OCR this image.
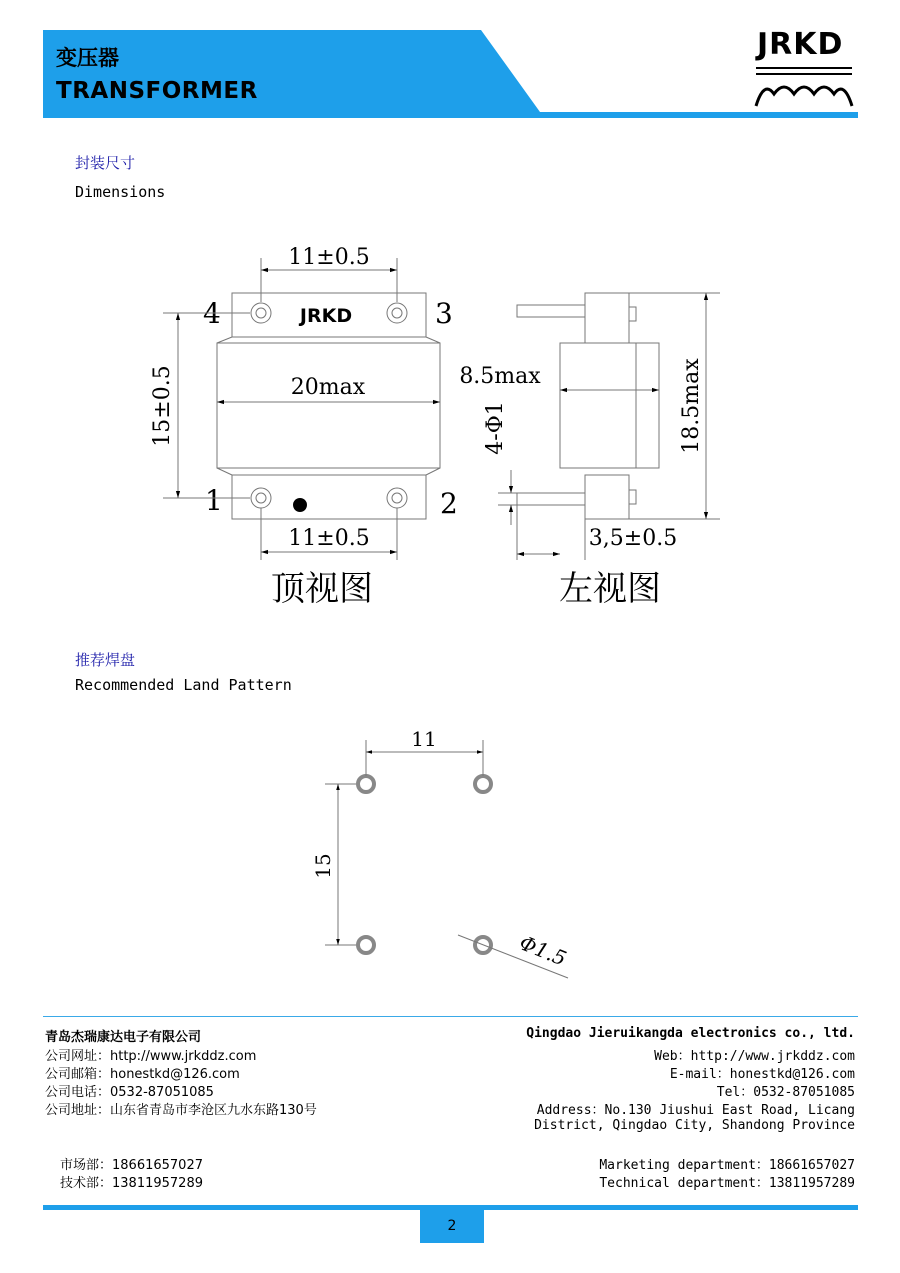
变压器
TRANSFORMER
JRKD
封装尺寸
Dimensions
JRKD
4	3
1	2
11±0.5
20max
15±0.5
11±0.5
顶视图
8.5max
4-Φ1	18.5max
3,5±0.5
左视图
推荐焊盘
Recommended Land Pattern
11
15
Φ1.5
青岛杰瑞康达电子有限公司
公司网址：http://www.jrkddz.com
公司邮箱：honestkd@126.com
公司电话：0532-87051085
公司地址：山东省青岛市李沧区九水东路130号
Qingdao Jieruikangda electronics co., ltd.
Web：http://www.jrkddz.com
E-mail：honestkd@126.com
Tel：0532-87051085
Address：No.130 Jiushui East Road, Licang
District, Qingdao City, Shandong Province
市场部：18661657027
技术部：13811957289
Marketing department：18661657027
Technical department：13811957289
2
